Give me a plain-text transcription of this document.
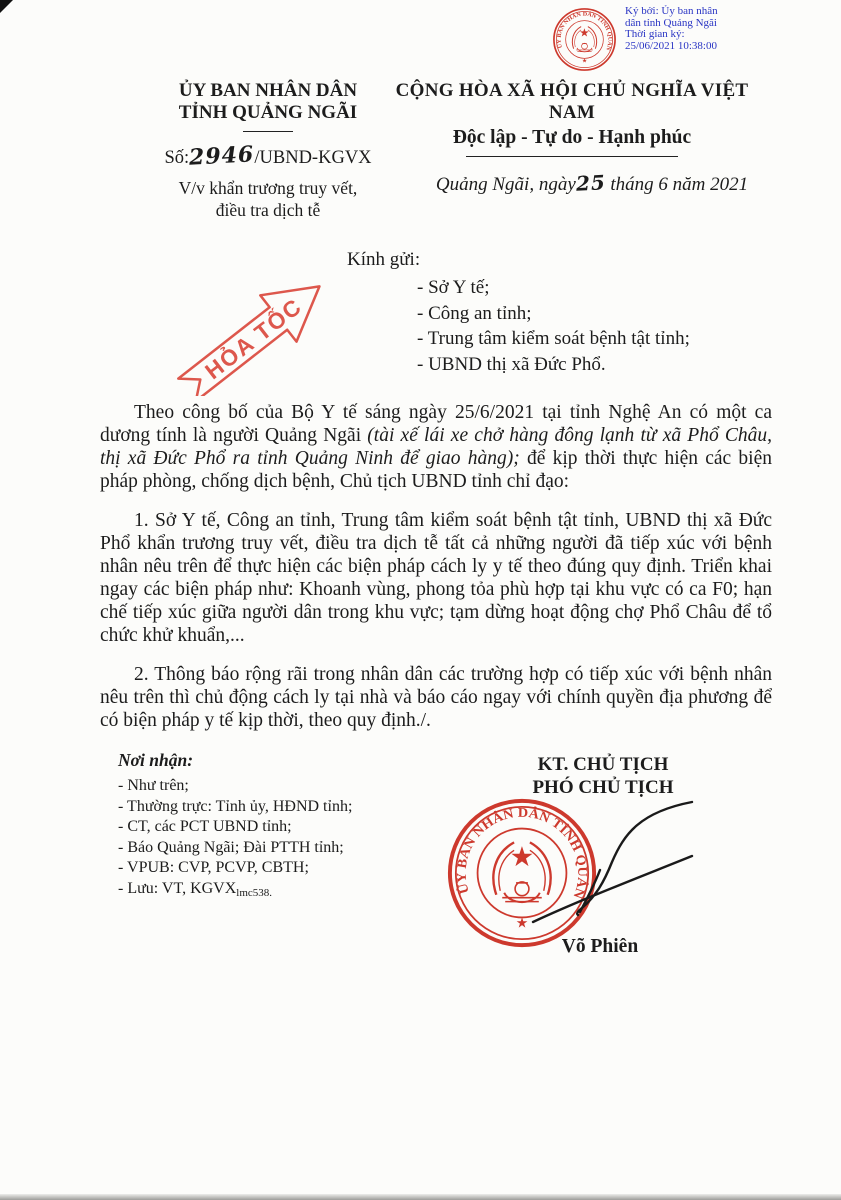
Ký bởi: Ủy ban nhân
dân tỉnh Quảng Ngãi
Thời gian ký:
25/06/2021 10:38:00
ỦY BAN NHÂN DÂN
TỈNH QUẢNG NGÃI
Số:2946/UBND-KGVX
V/v khẩn trương truy vết,
điều tra dịch tễ
CỘNG HÒA XÃ HỘI CHỦ NGHĨA VIỆT NAM
Độc lập - Tự do - Hạnh phúc
Quảng Ngãi, ngày25 tháng 6 năm 2021
HỎA TỐC
Kính gửi:
- Sở Y tế;
- Công an tỉnh;
- Trung tâm kiểm soát bệnh tật tỉnh;
- UBND thị xã Đức Phổ.

Theo công bố của Bộ Y tế sáng ngày 25/6/2021 tại tỉnh Nghệ An có một ca dương tính là người Quảng Ngãi (tài xế lái xe chở hàng đông lạnh từ xã Phổ Châu, thị xã Đức Phổ ra tỉnh Quảng Ninh để giao hàng); để kịp thời thực hiện các biện pháp phòng, chống dịch bệnh, Chủ tịch UBND tỉnh chỉ đạo:

1. Sở Y tế, Công an tỉnh, Trung tâm kiểm soát bệnh tật tỉnh, UBND thị xã Đức Phổ khẩn trương truy vết, điều tra dịch tễ tất cả những người đã tiếp xúc với bệnh nhân nêu trên để thực hiện các biện pháp cách ly y tế theo đúng quy định. Triển khai ngay các biện pháp như: Khoanh vùng, phong tỏa phù hợp tại khu vực có ca F0; hạn chế tiếp xúc giữa người dân trong khu vực; tạm dừng hoạt động chợ Phổ Châu để tổ chức khử khuẩn,...

2. Thông báo rộng rãi trong nhân dân các trường hợp có tiếp xúc với bệnh nhân nêu trên thì chủ động cách ly tại nhà và báo cáo ngay với chính quyền địa phương để có biện pháp y tế kịp thời, theo quy định./.

Nơi nhận:
- Như trên;
- Thường trực: Tỉnh ủy, HĐND tỉnh;
- CT, các PCT UBND tỉnh;
- Báo Quảng Ngãi; Đài PTTH tỉnh;
- VPUB: CVP, PCVP, CBTH;
- Lưu: VT, KGVXlmc538.
KT. CHỦ TỊCH
PHÓ CHỦ TỊCH
Võ Phiên
